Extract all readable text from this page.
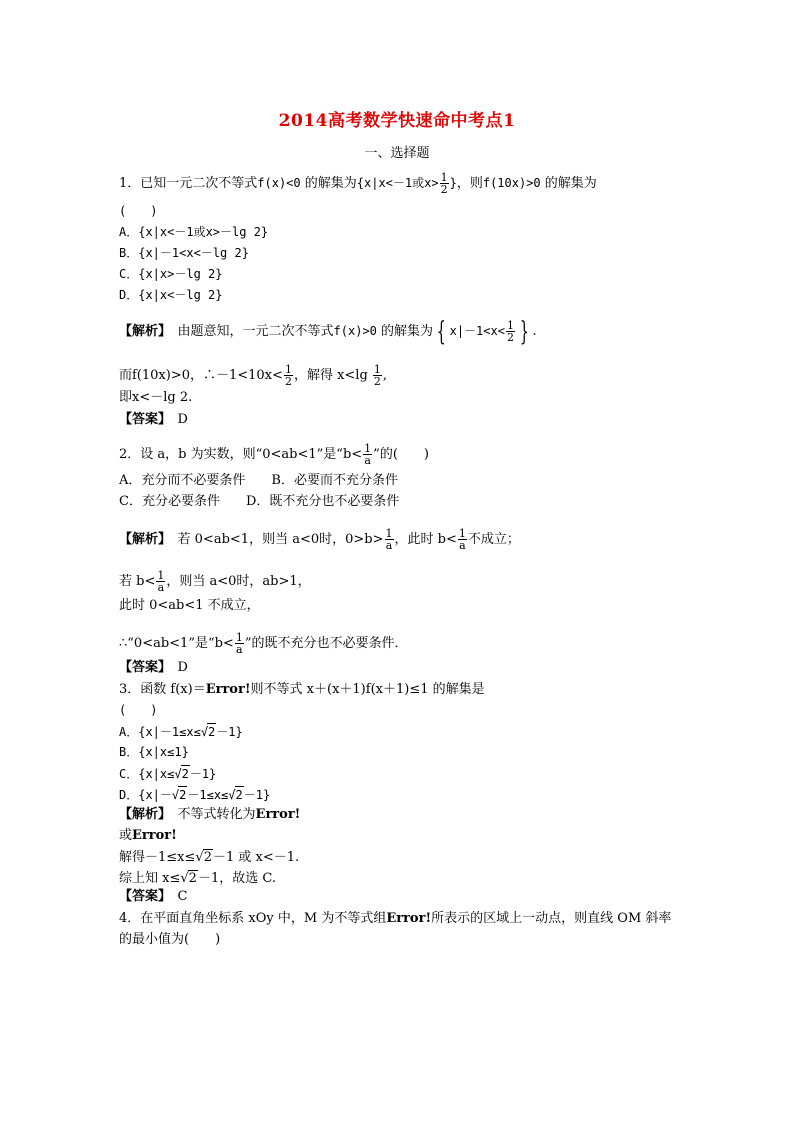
2014高考数学快速命中考点1
一、选择题
1．已知一元二次不等式f(x)<0 的解集为{x|x<－1或$x> \frac{1}{2}$ }，则f(10x)>0 的解集为
(　　)
A．{x|x<－1或x>－lg 2}
B．{x|－1<x<－lg 2}
C．{x|x>－lg 2}
D．{x|x<－lg 2}
【解析】　 由题意知，一元二次不等式f(x)>0 的解集为 { $x|-1<x< \frac{1}{2}$ } .
而f(10x)>0，∴－1<10x< $\frac{1}{2}$ ，解得 $x<\lg \frac{1}{2}$ ,
即x<－lg 2.
【答案】　 D
2．设 a，b 为实数，则“0<ab<1”是“$b< \frac{1}{a}$ ”的(　　)
A．充分而不必要条件　　B．必要而不充分条件
C．充分必要条件　　D．既不充分也不必要条件
【解析】　 若 0<ab<1，则当 a<0时，$0>b> \frac{1}{a}$ ，此时 $b< \frac{1}{a}$ 不成立；
若 $b< \frac{1}{a}$ ，则当 a<0时，ab>1，
此时 0<ab<1 不成立，
∴“0<ab<1”是“$b< \frac{1}{a}$ ”的既不充分也不必要条件．
【答案】　 D
3．函数 f(x)＝Error!则不等式 x＋(x＋1)f(x＋1)≤1 的解集是
(　　)
A．{x|－1≤x≤√2－1}
B．{x|x≤1}
C．{x|x≤√2－1}
D．{x|－√2－1≤x≤√2－1}
【解析】　 不等式转化为Error!
或Error!
解得－1≤x≤√2－1 或 x<－1.
综上知 x≤√2－1，故选 C.
【答案】　 C
4．在平面直角坐标系 xOy 中，M 为不等式组Error!所表示的区域上一动点，则直线 OM 斜率
的最小值为(　　)
